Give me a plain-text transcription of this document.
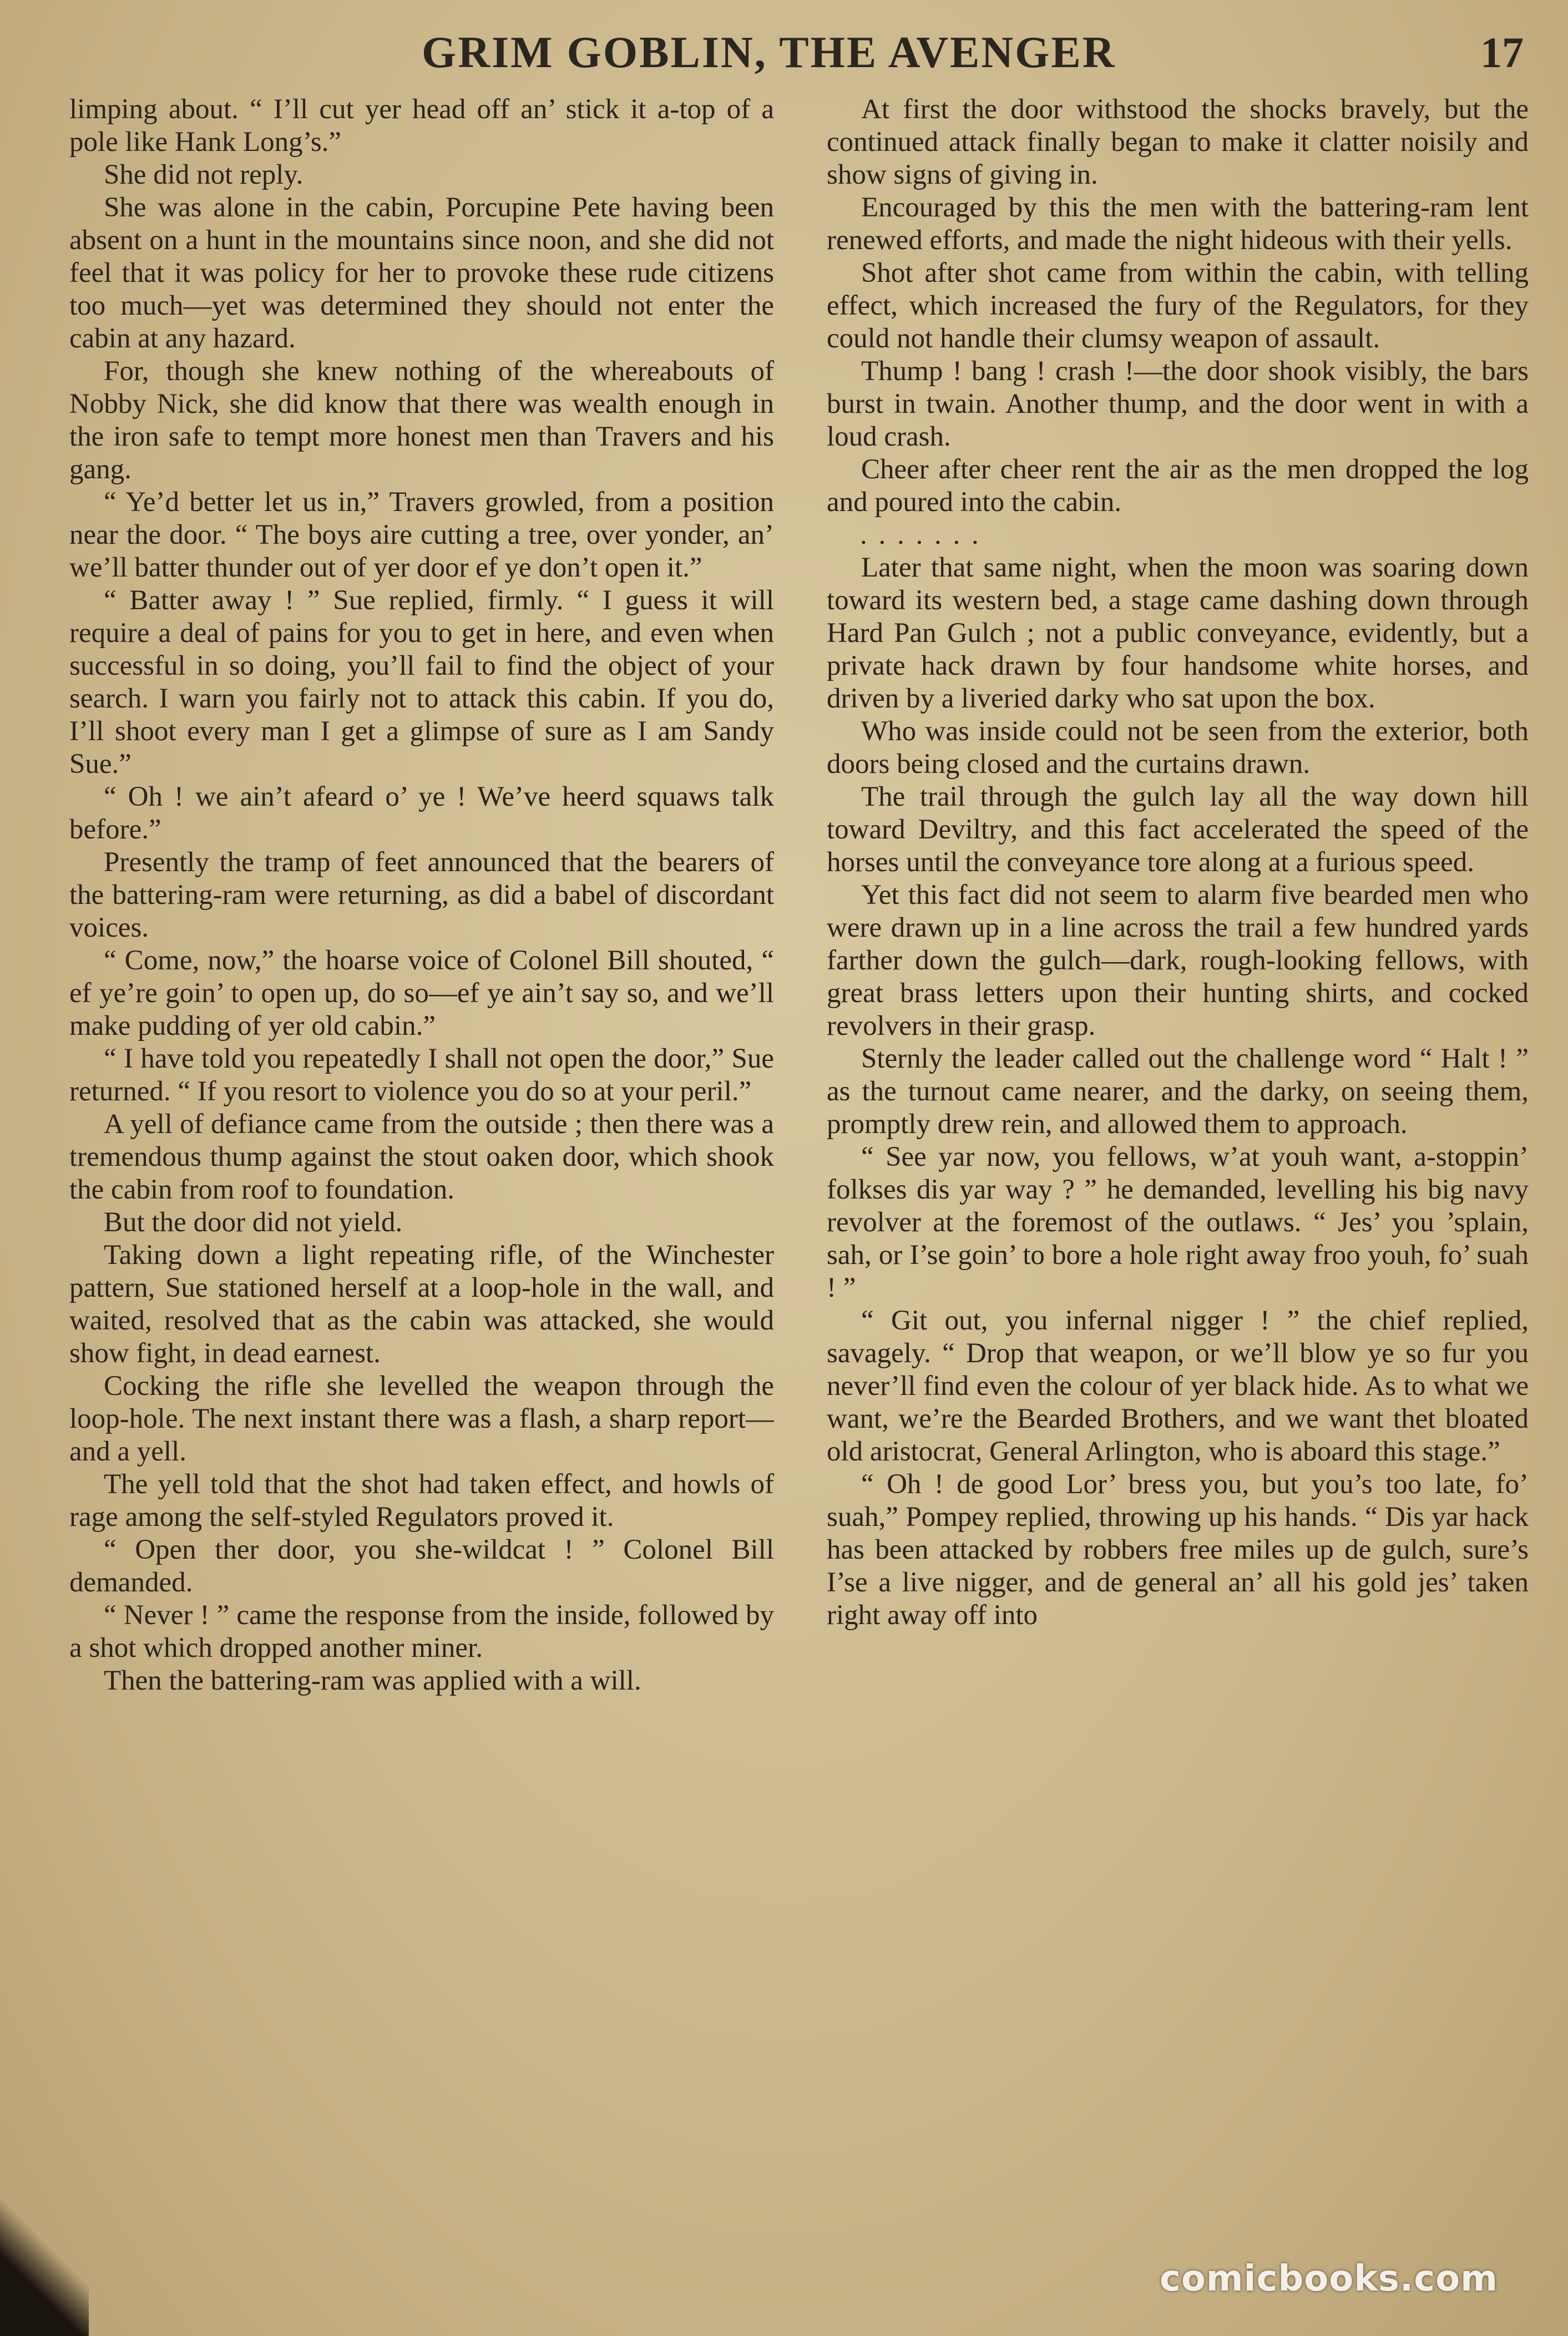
GRIM GOBLIN, THE AVENGER	17

limping about. “ I’ll cut yer head off an’ stick it a-top of a pole like Hank Long’s.”

She did not reply.

She was alone in the cabin, Porcupine Pete having been absent on a hunt in the mountains since noon, and she did not feel that it was policy for her to provoke these rude citizens too much—yet was determined they should not enter the cabin at any hazard.

For, though she knew nothing of the whereabouts of Nobby Nick, she did know that there was wealth enough in the iron safe to tempt more honest men than Travers and his gang.

“ Ye’d better let us in,” Travers growled, from a position near the door. “ The boys aire cutting a tree, over yonder, an’ we’ll batter thunder out of yer door ef ye don’t open it.”

“ Batter away ! ” Sue replied, firmly. “ I guess it will require a deal of pains for you to get in here, and even when successful in so doing, you’ll fail to find the object of your search. I warn you fairly not to attack this cabin. If you do, I’ll shoot every man I get a glimpse of sure as I am Sandy Sue.”

“ Oh ! we ain’t afeard o’ ye ! We’ve heerd squaws talk before.”

Presently the tramp of feet announced that the bearers of the battering-ram were returning, as did a babel of discordant voices.

“ Come, now,” the hoarse voice of Colonel Bill shouted, “ ef ye’re goin’ to open up, do so—ef ye ain’t say so, and we’ll make pudding of yer old cabin.”

“ I have told you repeatedly I shall not open the door,” Sue returned. “ If you resort to violence you do so at your peril.”

A yell of defiance came from the outside ; then there was a tremendous thump against the stout oaken door, which shook the cabin from roof to foundation.

But the door did not yield.

Taking down a light repeating rifle, of the Winchester pattern, Sue stationed herself at a loop-hole in the wall, and waited, resolved that as the cabin was attacked, she would show fight, in dead earnest.

Cocking the rifle she levelled the weapon through the loop-hole. The next instant there was a flash, a sharp report—and a yell.

The yell told that the shot had taken effect, and howls of rage among the self-styled Regulators proved it.

“ Open ther door, you she-wildcat ! ” Colonel Bill demanded.

“ Never ! ” came the response from the inside, followed by a shot which dropped another miner.

Then the battering-ram was applied with a will.

At first the door withstood the shocks bravely, but the continued attack finally began to make it clatter noisily and show signs of giving in.

Encouraged by this the men with the battering-ram lent renewed efforts, and made the night hideous with their yells.

Shot after shot came from within the cabin, with telling effect, which increased the fury of the Regulators, for they could not handle their clumsy weapon of assault.

Thump ! bang ! crash !—the door shook visibly, the bars burst in twain. Another thump, and the door went in with a loud crash.

Cheer after cheer rent the air as the men dropped the log and poured into the cabin.

. . . . . . .

Later that same night, when the moon was soaring down toward its western bed, a stage came dashing down through Hard Pan Gulch ; not a public conveyance, evidently, but a private hack drawn by four handsome white horses, and driven by a liveried darky who sat upon the box.

Who was inside could not be seen from the exterior, both doors being closed and the curtains drawn.

The trail through the gulch lay all the way down hill toward Deviltry, and this fact accelerated the speed of the horses until the conveyance tore along at a furious speed.

Yet this fact did not seem to alarm five bearded men who were drawn up in a line across the trail a few hundred yards farther down the gulch—dark, rough-looking fellows, with great brass letters upon their hunting shirts, and cocked revolvers in their grasp.

Sternly the leader called out the challenge word “ Halt ! ” as the turnout came nearer, and the darky, on seeing them, promptly drew rein, and allowed them to approach.

“ See yar now, you fellows, w’at youh want, a-stoppin’ folkses dis yar way ? ” he demanded, levelling his big navy revolver at the foremost of the outlaws. “ Jes’ you ’splain, sah, or I’se goin’ to bore a hole right away froo youh, fo’ suah ! ”

“ Git out, you infernal nigger ! ” the chief replied, savagely. “ Drop that weapon, or we’ll blow ye so fur you never’ll find even the colour of yer black hide. As to what we want, we’re the Bearded Brothers, and we want thet bloated old aristocrat, General Arlington, who is aboard this stage.”

“ Oh ! de good Lor’ bress you, but you’s too late, fo’ suah,” Pompey replied, throwing up his hands. “ Dis yar hack has been attacked by robbers free miles up de gulch, sure’s I’se a live nigger, and de general an’ all his gold jes’ taken right away off into

comicbooks.com
